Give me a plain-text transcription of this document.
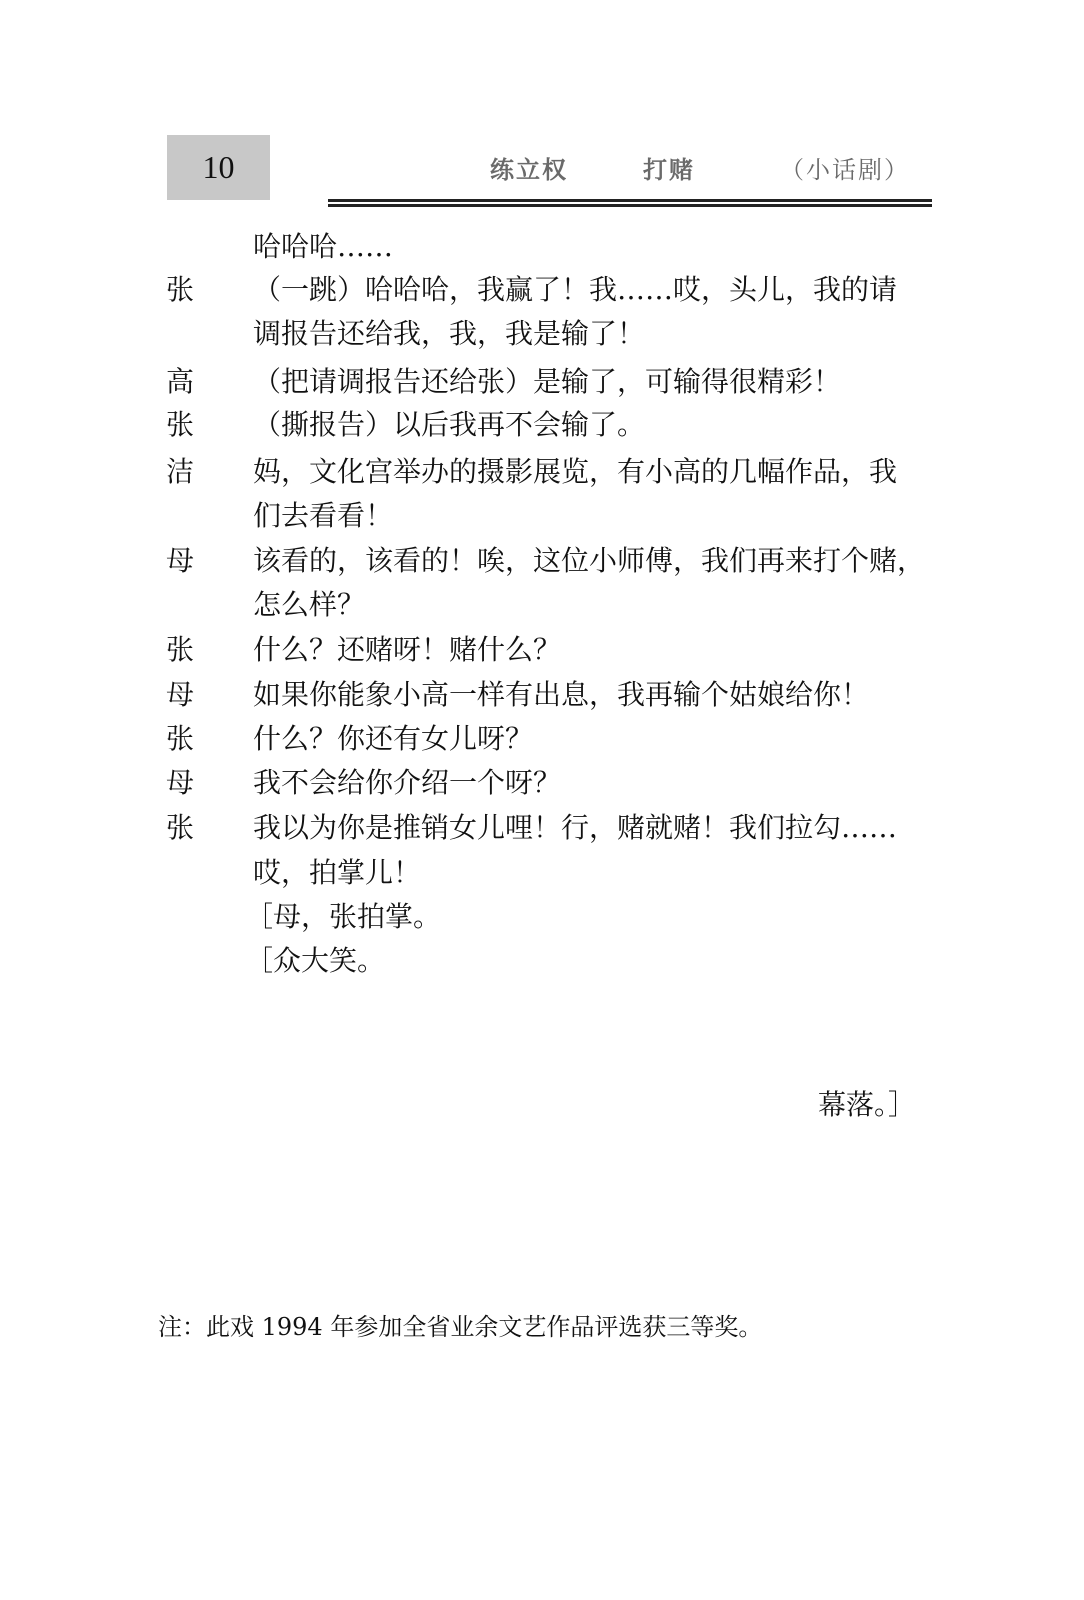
10	练立权	打赌	（小话剧）
哈哈哈……
张 （一跳）哈哈哈，我赢了！我……哎，头儿，我的请
调报告还给我，我，我是输了！
高 （把请调报告还给张）是输了，可输得很精彩！
张 （撕报告）以后我再不会输了。
洁 妈，文化宫举办的摄影展览，有小高的几幅作品，我
们去看看！
母 该看的，该看的！唉，这位小师傅，我们再来打个赌，
怎么样？
张 什么？还赌呀！赌什么？
母 如果你能象小高一样有出息，我再输个姑娘给你！
张 什么？你还有女儿呀？
母 我不会给你介绍一个呀？
张 我以为你是推销女儿哩！行，赌就赌！我们拉勾……
哎，拍掌儿！
［母，张拍掌。
［众大笑。
幕落。］
注：此戏 1994 年参加全省业余文艺作品评选获三等奖。
